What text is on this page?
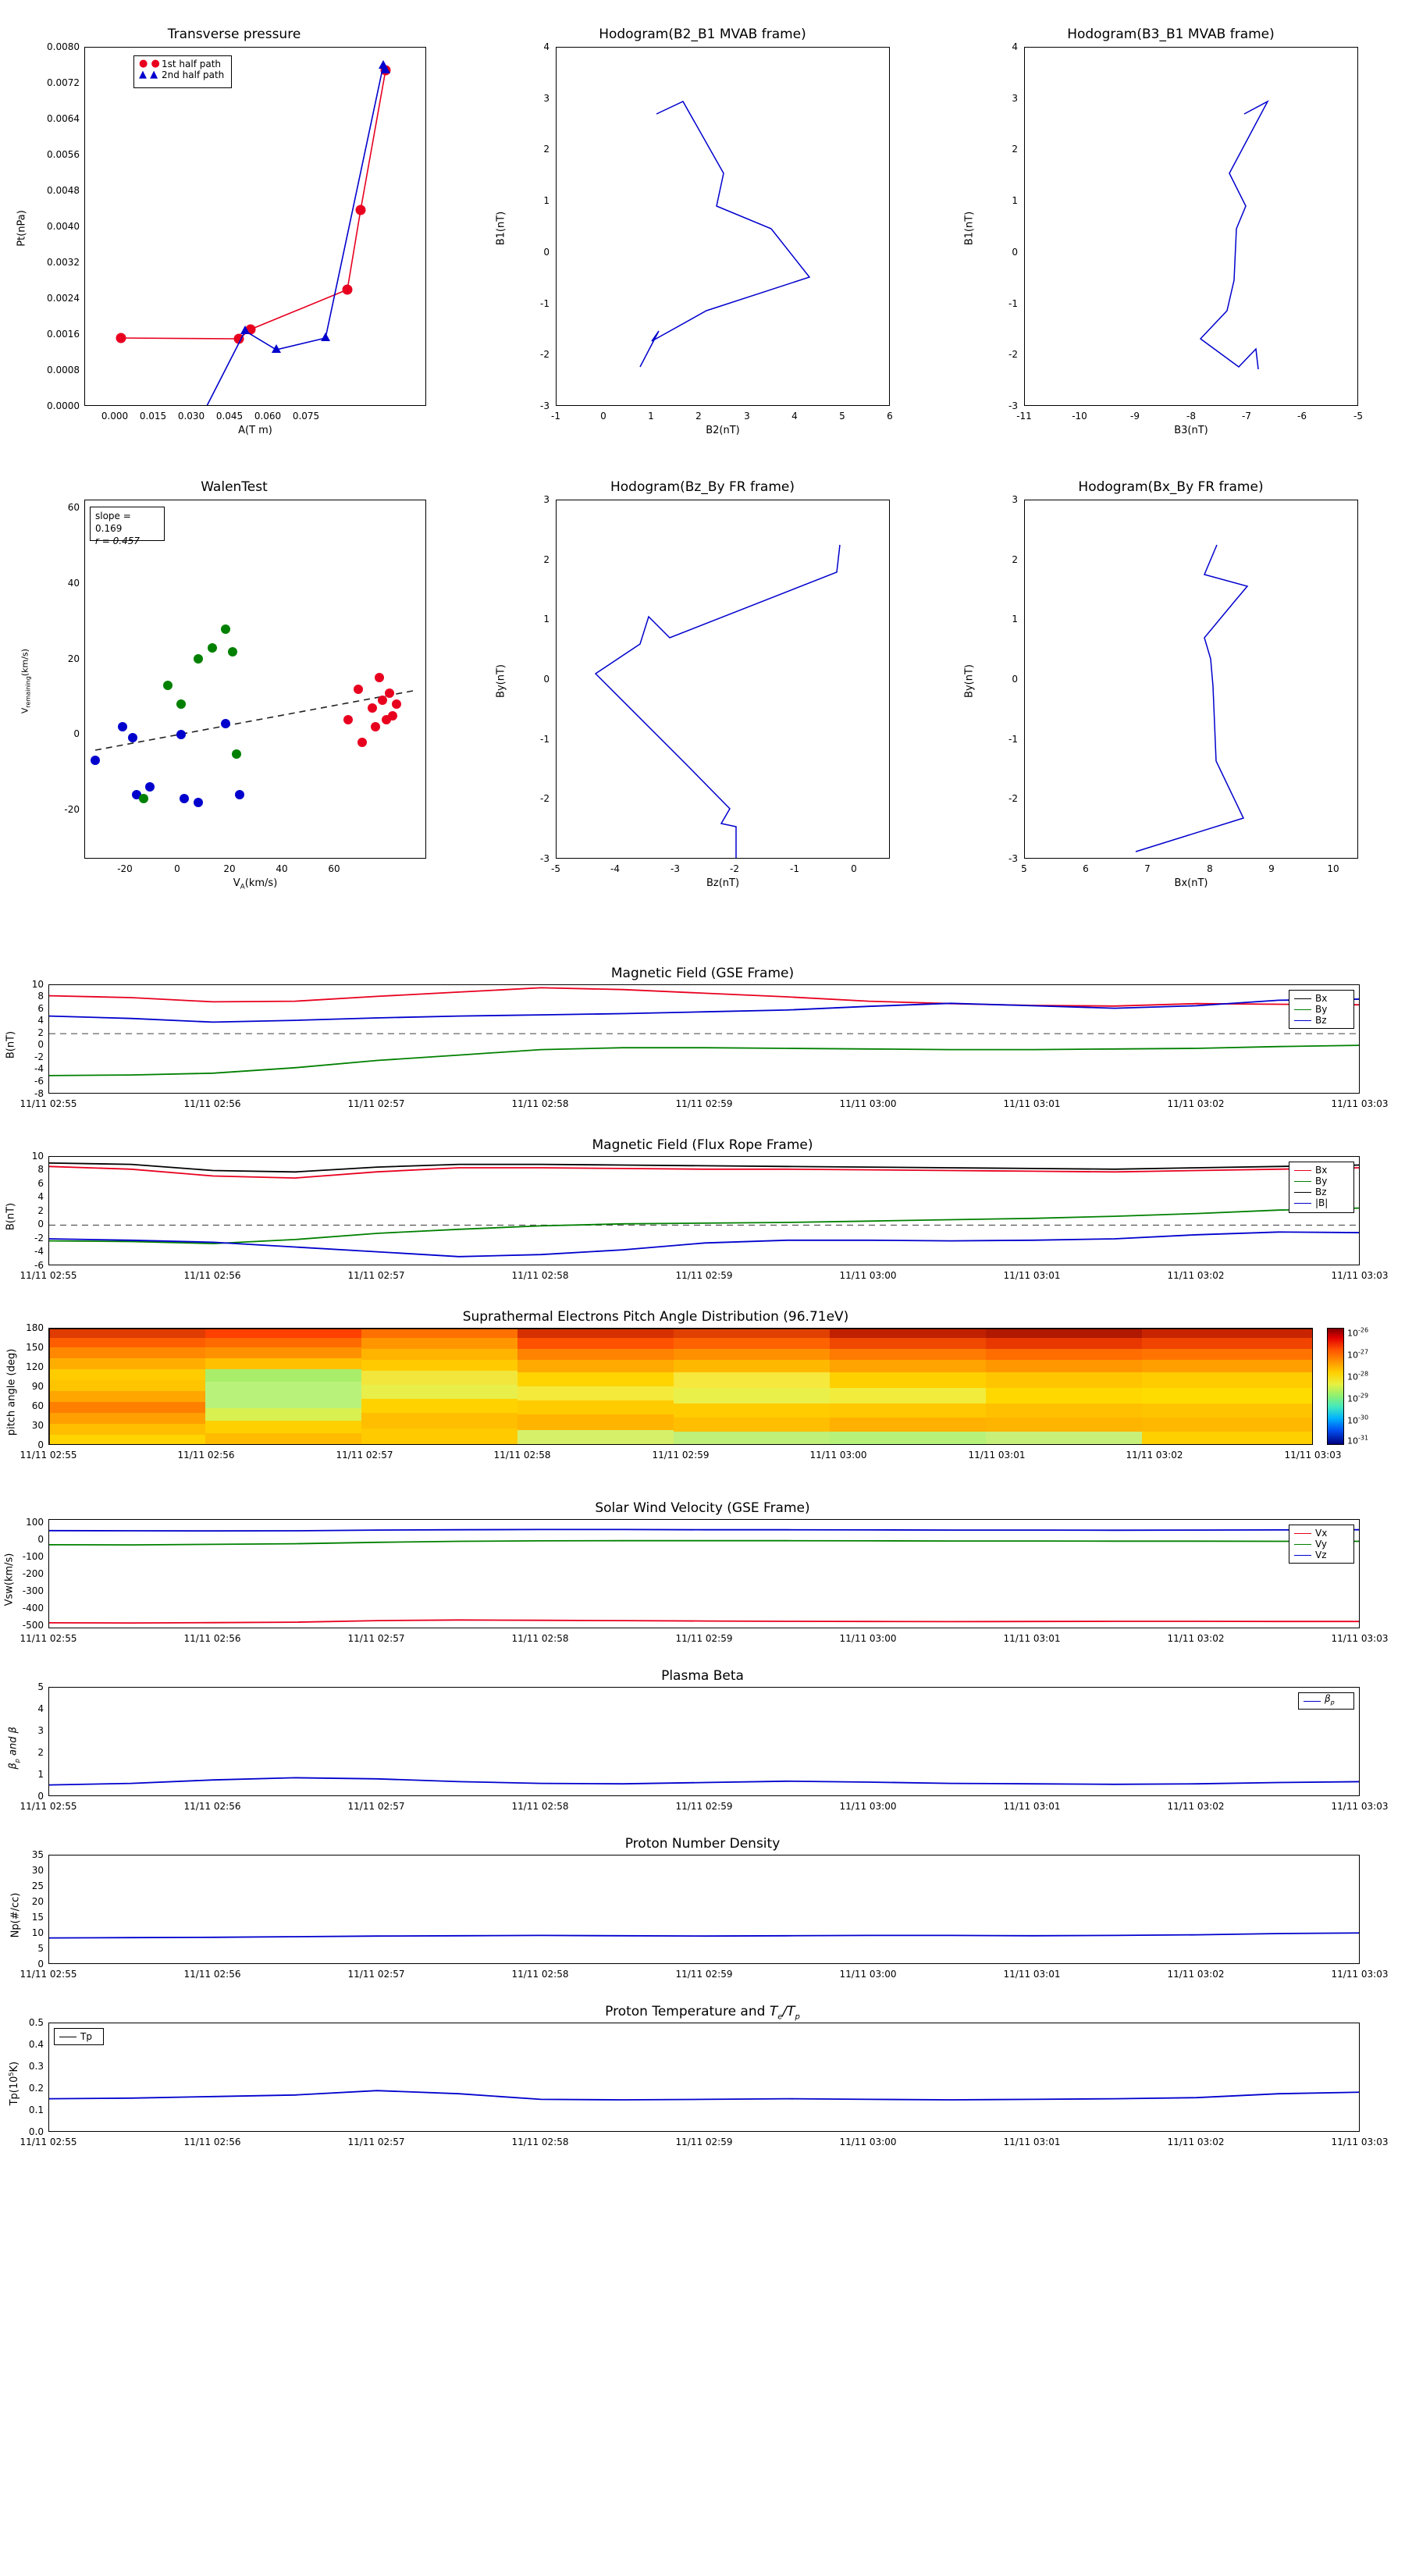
Transverse pressure
● ● 1st half path
▲ ▲ 2nd half path
0.0080
0.0072
0.0064
0.0056
0.0048
0.0040
0.0032
0.0024
0.0016
0.0008
0.0000
0.000 0.015 0.030 0.045 0.060 0.075
A(T m)
Pt(nPa)
Hodogram(B2_B1 MVAB frame)
4
3
2
1
0
-1
-2
-3
-1	0	1	2	3	4	5	6
B2(nT)
B1(nT)
Hodogram(B3_B1 MVAB frame)
4
3
2
1
0
-1
-2
-3
-11	-10	-9	-8	-7	-6	-5
B3(nT)
B1(nT)
WalenTest
slope = 0.169
r = 0.457
60
40
20
0
-20
-20	0	20	40	60
$V_A(km/s)$
$V_{remaining}(km/s)$
Hodogram(Bz_By FR frame)
3
2
1
0
-1
-2
-3
-5	-4	-3	-2	-1	0
Bz(nT)
By(nT)
Hodogram(Bx_By FR frame)
3
2
1
0
-1
-2
-3
5	6	7	8	9	10
Bx(nT)
By(nT)
Magnetic Field (GSE Frame)
Bx
By
Bz
10
8
6
4
2
0
-2
-4
-6
-8
B(nT)
11/11 02:55	11/11 02:56	11/11 02:57	11/11 02:58	11/11 02:59	11/11 03:00	11/11 03:01	11/11 03:02	11/11 03:03
Magnetic Field (Flux Rope Frame)
Bx
By
Bz
|B|
10
8
6
4
2
0
-2
-4
-6
B(nT)
11/11 02:55	11/11 02:56	11/11 02:57	11/11 02:58	11/11 02:59	11/11 03:00	11/11 03:01	11/11 03:02	11/11 03:03
Suprathermal Electrons Pitch Angle Distribution (96.71eV)
$10^{-26}$
$10^{-27}$
$10^{-28}$
$10^{-29}$
$10^{-30}$
$10^{-31}$
180
150
120
90
60
30
0
pitch angle (deg)
11/11 02:55	11/11 02:56	11/11 02:57	11/11 02:58	11/11 02:59	11/11 03:00	11/11 03:01	11/11 03:02	11/11 03:03
Solar Wind Velocity (GSE Frame)
Vx
Vy
Vz
100
0
-100
-200
-300
-400
-500
Vsw(km/s)
11/11 02:55	11/11 02:56	11/11 02:57	11/11 02:58	11/11 02:59	11/11 03:00	11/11 03:01	11/11 03:02	11/11 03:03
Plasma Beta
$\beta_p$
5
4
3
2
1
0
$\beta_p$ and β
11/11 02:55	11/11 02:56	11/11 02:57	11/11 02:58	11/11 02:59	11/11 03:00	11/11 03:01	11/11 03:02	11/11 03:03
Proton Number Density
35
30
25
20
15
10
5
0
Np(#/cc)
11/11 02:55	11/11 02:56	11/11 02:57	11/11 02:58	11/11 02:59	11/11 03:00	11/11 03:01	11/11 03:02	11/11 03:03
Proton Temperature and $T_e/T_p$
Tp
0.5
0.4
0.3
0.2
0.1
0.0
$Tp(10^5K)$
11/11 02:55	11/11 02:56	11/11 02:57	11/11 02:58	11/11 02:59	11/11 03:00	11/11 03:01	11/11 03:02	11/11 03:03
